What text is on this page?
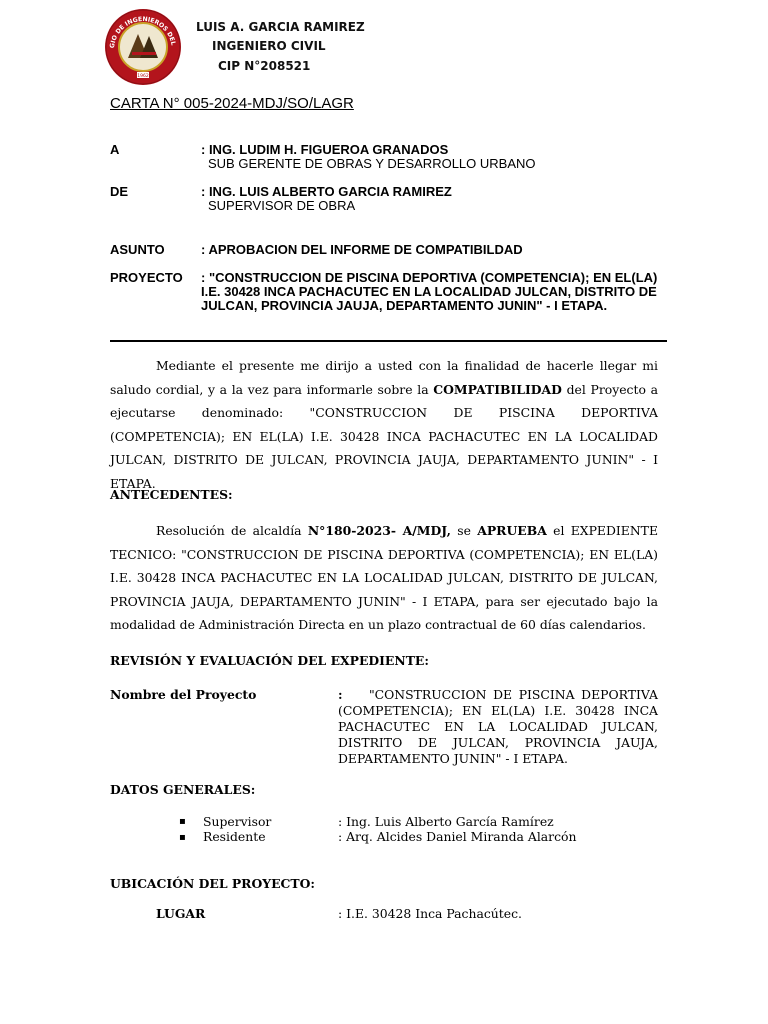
GIO DE INGENIEROS DEL
1962
LUIS A. GARCIA RAMIREZ
INGENIERO CIVIL
CIP N°208521
CARTA N° 005-2024-MDJ/SO/LAGR
A	: ING. LUDIM H. FIGUEROA GRANADOS
SUB GERENTE DE OBRAS Y DESARROLLO URBANO
DE	: ING. LUIS ALBERTO GARCIA RAMIREZ
SUPERVISOR DE OBRA
ASUNTO	: APROBACION DEL INFORME DE COMPATIBILDAD
PROYECTO : "CONSTRUCCION DE PISCINA DEPORTIVA (COMPETENCIA); EN EL(LA) I.E. 30428 INCA PACHACUTEC EN LA LOCALIDAD JULCAN, DISTRITO DE JULCAN, PROVINCIA JAUJA, DEPARTAMENTO JUNIN" - I ETAPA.
Mediante el presente me dirijo a usted con la finalidad de hacerle llegar mi saludo cordial, y a la vez para informarle sobre la COMPATIBILIDAD del Proyecto a ejecutarse denominado: "CONSTRUCCION DE PISCINA DEPORTIVA (COMPETENCIA); EN EL(LA) I.E. 30428 INCA PACHACUTEC EN LA LOCALIDAD JULCAN, DISTRITO DE JULCAN, PROVINCIA JAUJA, DEPARTAMENTO JUNIN" - I ETAPA.
ANTECEDENTES:
Resolución de alcaldía N°180-2023- A/MDJ, se APRUEBA el EXPEDIENTE TECNICO: "CONSTRUCCION DE PISCINA DEPORTIVA (COMPETENCIA); EN EL(LA) I.E. 30428 INCA PACHACUTEC EN LA LOCALIDAD JULCAN, DISTRITO DE JULCAN, PROVINCIA JAUJA, DEPARTAMENTO JUNIN" - I ETAPA, para ser ejecutado bajo la modalidad de Administración Directa en un plazo contractual de 60 días calendarios.
REVISIÓN Y EVALUACIÓN DEL EXPEDIENTE:
Nombre del Proyecto	: "CONSTRUCCION DE PISCINA DEPORTIVA (COMPETENCIA); EN EL(LA) I.E. 30428 INCA PACHACUTEC EN LA LOCALIDAD JULCAN, DISTRITO DE JULCAN, PROVINCIA JAUJA, DEPARTAMENTO JUNIN" - I ETAPA.
DATOS GENERALES:
▪ Supervisor	: Ing. Luis Alberto García Ramírez
▪ Residente	: Arq. Alcides Daniel Miranda Alarcón
UBICACIÓN DEL PROYECTO:
LUGAR	: I.E. 30428 Inca Pachacútec.
